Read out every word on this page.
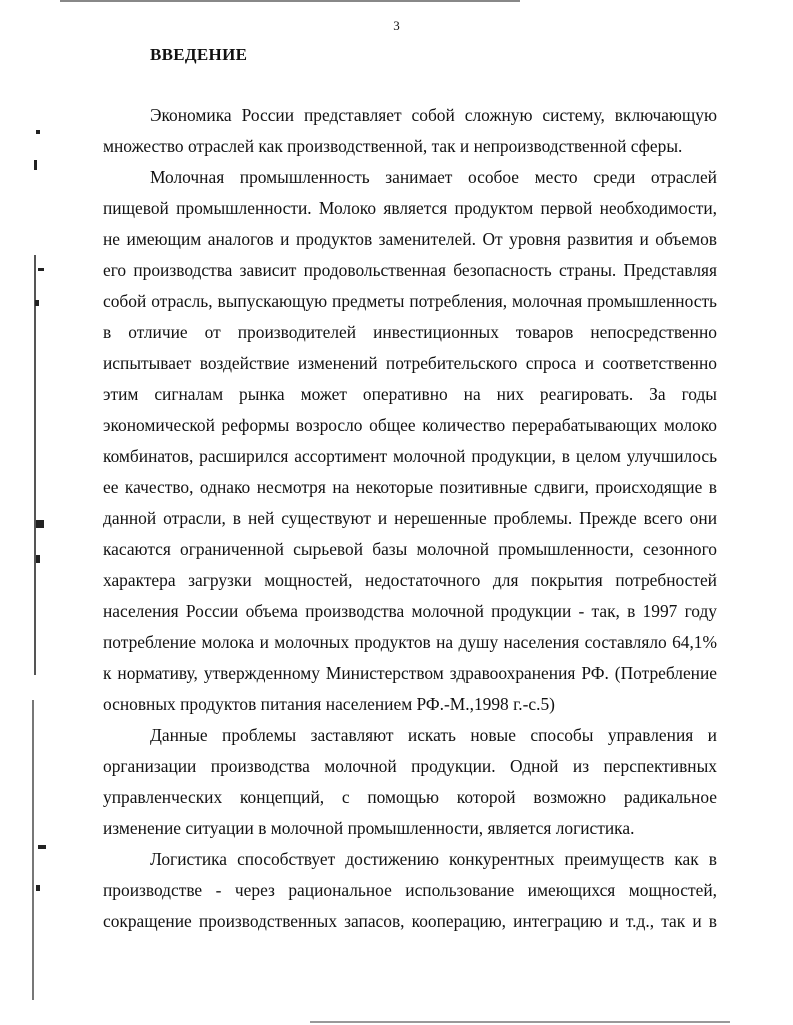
3
ВВЕДЕНИЕ

Экономика России представляет собой сложную систему, включающую множество отраслей как производственной, так и непроизводственной сферы.

Молочная промышленность занимает особое место среди отраслей пищевой промышленности. Молоко является продуктом первой необходимости, не имеющим аналогов и продуктов заменителей. От уровня развития и объемов его производства зависит продовольственная безопасность страны. Представляя собой отрасль, выпускающую предметы потребления, молочная промышленность в отличие от производителей инвестиционных товаров непосредственно испытывает воздействие изменений потребительского спроса и соответственно этим сигналам рынка может оперативно на них реагировать. За годы экономической реформы возросло общее количество перерабатывающих молоко комбинатов, расширился ассортимент молочной продукции, в целом улучшилось ее качество, однако несмотря на некоторые позитивные сдвиги, происходящие в данной отрасли, в ней существуют и нерешенные проблемы. Прежде всего они касаются ограниченной сырьевой базы молочной промышленности, сезонного характера загрузки мощностей, недостаточного для покрытия потребностей населения России объема производства молочной продукции - так, в 1997 году потребление молока и молочных продуктов на душу населения составляло 64,1% к нормативу, утвержденному Министерством здравоохранения РФ. (Потребление основных продуктов питания населением РФ.-М.,1998 г.-с.5)

Данные проблемы заставляют искать новые способы управления и организации производства молочной продукции. Одной из перспективных управленческих концепций, с помощью которой возможно радикальное изменение ситуации в молочной промышленности, является логистика.

Логистика способствует достижению конкурентных преимуществ как в производстве - через рациональное использование имеющихся мощностей, сокращение производственных запасов, кооперацию, интеграцию и т.д., так и в
